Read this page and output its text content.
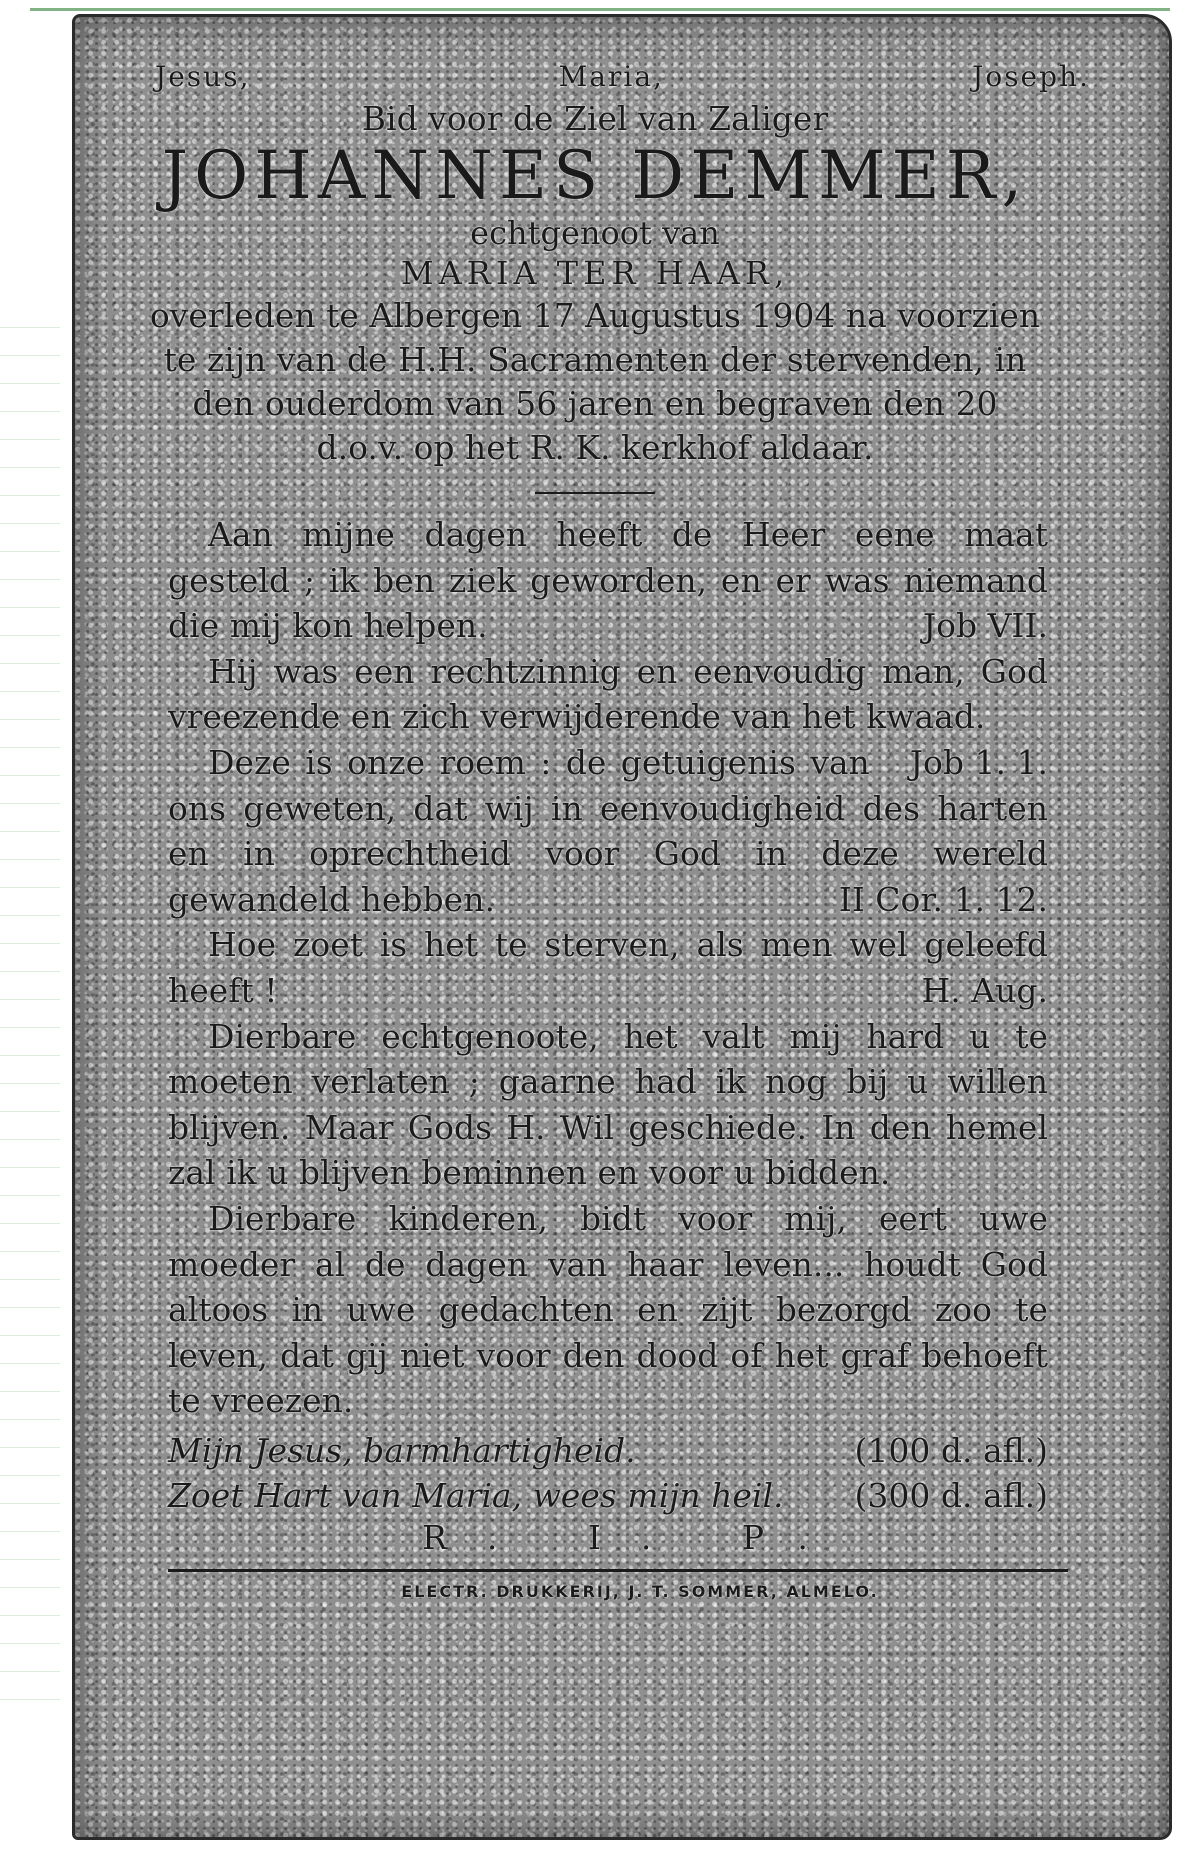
Jesus,	Maria,	Joseph.
Bid voor de Ziel van Zaliger
JOHANNES DEMMER,
echtgenoot van
MARIA TER HAAR,
overleden te Albergen 17 Augustus 1904 na voorzien te zijn van de H.H. Sacramenten der stervenden, in den ouderdom van 56 jaren en begraven den 20 d.o.v. op het R. K. kerkhof aldaar.

Aan mijne dagen heeft de Heer eene maat gesteld ; ik ben ziek geworden, en er was niemand die mij kon helpen.	Job VII.

Hij was een rechtzinnig en eenvoudig man, God vreezende en zich verwijderende van het kwaad.
Job 1. 1.

Deze is onze roem : de getuigenis van ons geweten, dat wij in eenvoudigheid des harten en in oprechtheid voor God in deze wereld gewandeld hebben.	II Cor. 1. 12.

Hoe zoet is het te sterven, als men wel geleefd heeft !	H. Aug.

Dierbare echtgenoote, het valt mij hard u te moeten verlaten ; gaarne had ik nog bij u willen blijven. Maar Gods H. Wil geschiede. In den hemel zal ik u blijven beminnen en voor u bidden.

Dierbare kinderen, bidt voor mij, eert uwe moeder al de dagen van haar leven... houdt God altoos in uwe gedachten en zijt bezorgd zoo te leven, dat gij niet voor den dood of het graf behoeft te vreezen.

Mijn Jesus, barmhartigheid.	(100 d. afl.)
Zoet Hart van Maria, wees mijn heil. (300 d. afl.)
R. I. P.
ELECTR. DRUKKERIJ, J. T. SOMMER, ALMELO.
